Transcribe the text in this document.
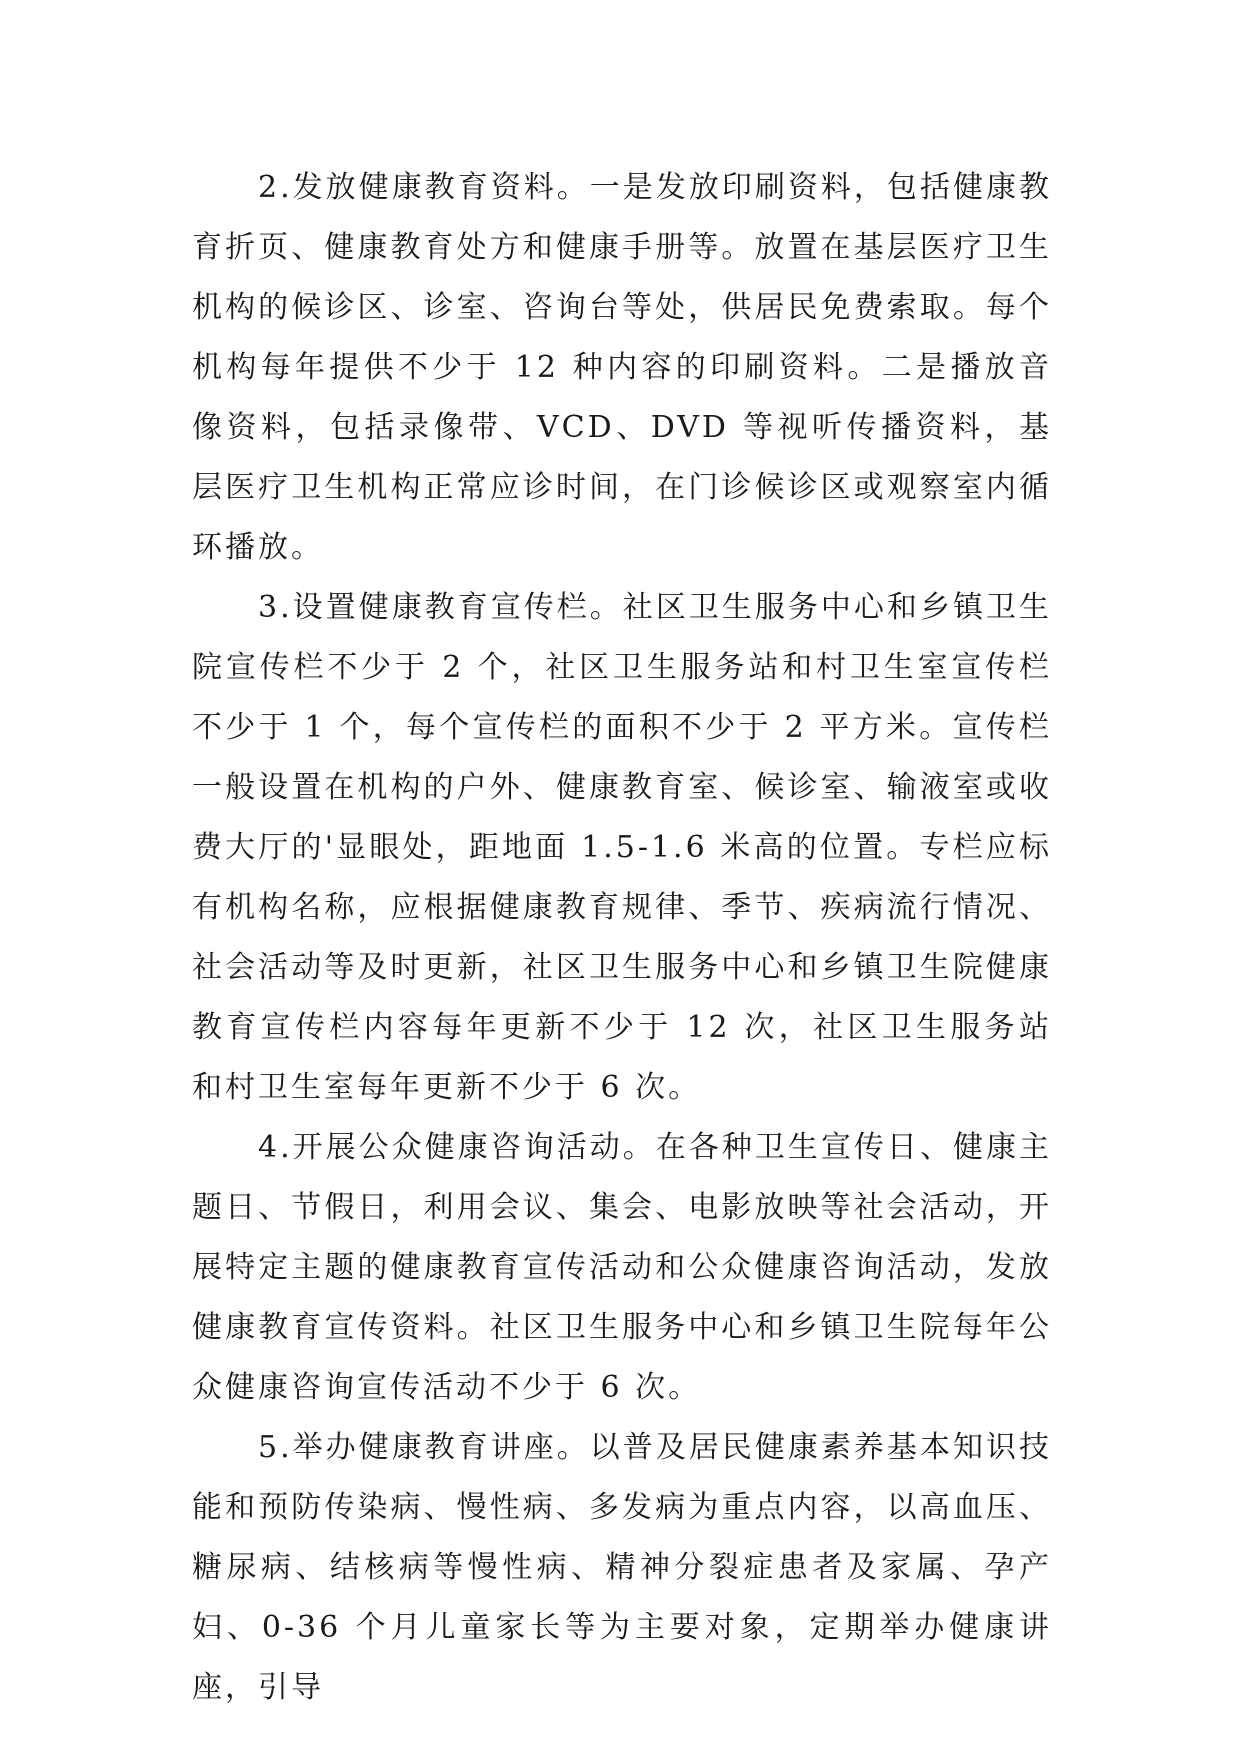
2.发放健康教育资料。一是发放印刷资料，包括健康教育折页、健康教育处方和健康手册等。放置在基层医疗卫生机构的候诊区、诊室、咨询台等处，供居民免费索取。每个机构每年提供不少于 12 种内容的印刷资料。二是播放音像资料，包括录像带、VCD、DVD 等视听传播资料，基层医疗卫生机构正常应诊时间，在门诊候诊区或观察室内循环播放。

3.设置健康教育宣传栏。社区卫生服务中心和乡镇卫生院宣传栏不少于 2 个，社区卫生服务站和村卫生室宣传栏不少于 1 个，每个宣传栏的面积不少于 2 平方米。宣传栏一般设置在机构的户外、健康教育室、候诊室、输液室或收费大厅的'显眼处，距地面 1.5-1.6 米高的位置。专栏应标有机构名称，应根据健康教育规律、季节、疾病流行情况、社会活动等及时更新，社区卫生服务中心和乡镇卫生院健康教育宣传栏内容每年更新不少于 12 次，社区卫生服务站和村卫生室每年更新不少于 6 次。

4.开展公众健康咨询活动。在各种卫生宣传日、健康主题日、节假日，利用会议、集会、电影放映等社会活动，开展特定主题的健康教育宣传活动和公众健康咨询活动，发放健康教育宣传资料。社区卫生服务中心和乡镇卫生院每年公众健康咨询宣传活动不少于 6 次。

5.举办健康教育讲座。以普及居民健康素养基本知识技能和预防传染病、慢性病、多发病为重点内容，以高血压、糖尿病、结核病等慢性病、精神分裂症患者及家属、孕产妇、0-36 个月儿童家长等为主要对象，定期举办健康讲座，引导
